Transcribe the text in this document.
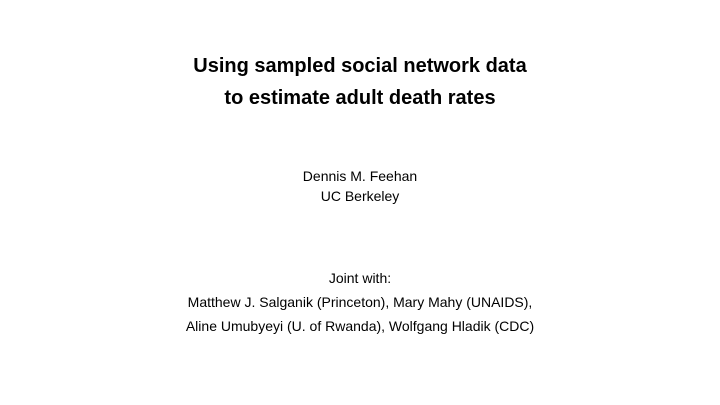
Using sampled social network data
to estimate adult death rates
Dennis M. Feehan
UC Berkeley
Joint with:
Matthew J. Salganik (Princeton), Mary Mahy (UNAIDS),
Aline Umubyeyi (U. of Rwanda), Wolfgang Hladik (CDC)
